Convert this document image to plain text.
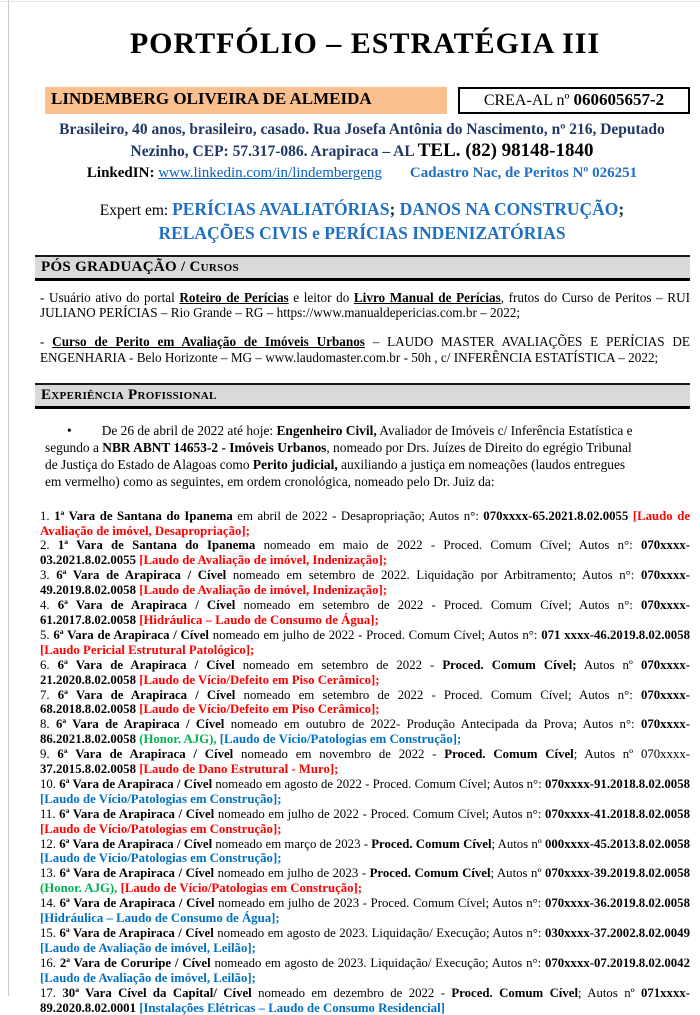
PORTFÓLIO – ESTRATÉGIA III
LINDEMBERG OLIVEIRA DE ALMEIDA	CREA-AL nº 060605657-2

Brasileiro, 40 anos, brasileiro, casado. Rua Josefa Antônia do Nascimento, nº 216, Deputado Nezinho, CEP: 57.317-086. Arapiraca – AL TEL. (82) 98148-1840

LinkedIN: www.linkedin.com/in/lindembergeng Cadastro Nac, de Peritos Nº 026251

Expert em: PERÍCIAS AVALIATÓRIAS; DANOS NA CONSTRUÇÃO;

RELAÇÕES CIVIS e PERÍCIAS INDENIZATÓRIAS

PÓS GRADUAÇÃO / Cursos

- Usuário ativo do portal Roteiro de Perícias e leitor do Livro Manual de Perícias, frutos do Curso de Peritos – RUI JULIANO PERÍCIAS – Rio Grande – RG – https://www.manualdepericias.com.br – 2022;

- Curso de Perito em Avaliação de Imóveis Urbanos – LAUDO MASTER AVALIAÇÕES E PERÍCIAS DE ENGENHARIA - Belo Horizonte – MG – www.laudomaster.com.br - 50h , c/ INFERÊNCIA ESTATÍSTICA – 2022;

Experiência Profissional

• De 26 de abril de 2022 até hoje: Engenheiro Civil, Avaliador de Imóveis c/ Inferência Estatística e segundo a NBR ABNT 14653-2 - Imóveis Urbanos, nomeado por Drs. Juízes de Direito do egrégio Tribunal de Justiça do Estado de Alagoas como Perito judicial, auxiliando a justiça em nomeações (laudos entregues em vermelho) como as seguintes, em ordem cronológica, nomeado pelo Dr. Juiz da:

1. 1ª Vara de Santana do Ipanema em abril de 2022 - Desapropriação; Autos n°: 070xxxx-65.2021.8.02.0055 [Laudo de Avaliação de imóvel, Desapropriação];

2. 1ª Vara de Santana do Ipanema nomeado em maio de 2022 - Proced. Comum Cível; Autos n°: 070xxxx-03.2021.8.02.0055 [Laudo de Avaliação de imóvel, Indenização];

3. 6ª Vara de Arapiraca / Cível nomeado em setembro de 2022. Liquidação por Arbitramento; Autos n°: 070xxxx-49.2019.8.02.0058 [Laudo de Avaliação de imóvel, Indenização];

4. 6ª Vara de Arapiraca / Cível nomeado em setembro de 2022 - Proced. Comum Cível; Autos n°: 070xxxx-61.2017.8.02.0058 [Hidráulica – Laudo de Consumo de Água];

5. 6ª Vara de Arapiraca / Cível nomeado em julho de 2022 - Proced. Comum Cível; Autos n°: 071 xxxx-46.2019.8.02.0058 [Laudo Pericial Estrutural Patológico];

6. 6ª Vara de Arapiraca / Cível nomeado em setembro de 2022 - Proced. Comum Cível; Autos nº 070xxxx-21.2020.8.02.0058 [Laudo de Vício/Defeito em Piso Cerâmico];

7. 6ª Vara de Arapiraca / Cível nomeado em setembro de 2022 - Proced. Comum Cível; Autos n°: 070xxxx-68.2018.8.02.0058 [Laudo de Vício/Defeito em Piso Cerâmico];

8. 6ª Vara de Arapiraca / Cível nomeado em outubro de 2022- Produção Antecipada da Prova; Autos n°: 070xxxx-86.2021.8.02.0058 (Honor. AJG), [Laudo de Vício/Patologias em Construção];

9. 6ª Vara de Arapiraca / Cível nomeado em novembro de 2022 - Proced. Comum Cível; Autos nº 070xxxx-37.2015.8.02.0058 [Laudo de Dano Estrutural - Muro];

10. 6ª Vara de Arapiraca / Cível nomeado em agosto de 2022 - Proced. Comum Cível; Autos n°: 070xxxx-91.2018.8.02.0058 [Laudo de Vício/Patologias em Construção];

11. 6ª Vara de Arapiraca / Cível nomeado em julho de 2022 - Proced. Comum Cível; Autos n°: 070xxxx-41.2018.8.02.0058 [Laudo de Vício/Patologias em Construção];

12. 6ª Vara de Arapiraca / Cível nomeado em março de 2023 - Proced. Comum Cível; Autos nº 000xxxx-45.2013.8.02.0058 [Laudo de Vício/Patologias em Construção];

13. 6ª Vara de Arapiraca / Cível nomeado em julho de 2023 - Proced. Comum Cível; Autos nº 070xxxx-39.2019.8.02.0058 (Honor. AJG), [Laudo de Vício/Patologias em Construção];

14. 6ª Vara de Arapiraca / Cível nomeado em julho de 2023 - Proced. Comum Cível; Autos n°: 070xxxx-36.2019.8.02.0058 [Hidráulica – Laudo de Consumo de Água];

15. 6ª Vara de Arapiraca / Cível nomeado em agosto de 2023. Liquidação/ Execução; Autos n°: 030xxxx-37.2002.8.02.0049 [Laudo de Avaliação de imóvel, Leilão];

16. 2ª Vara de Coruripe / Cível nomeado em agosto de 2023. Liquidação/ Execução; Autos n°: 070xxxx-07.2019.8.02.0042 [Laudo de Avaliação de imóvel, Leilão];

17. 30ª Vara Cível da Capital/ Cível nomeado em dezembro de 2022 - Proced. Comum Cível; Autos nº 071xxxx-89.2020.8.02.0001 [Instalações Elétricas – Laudo de Consumo Residencial]
